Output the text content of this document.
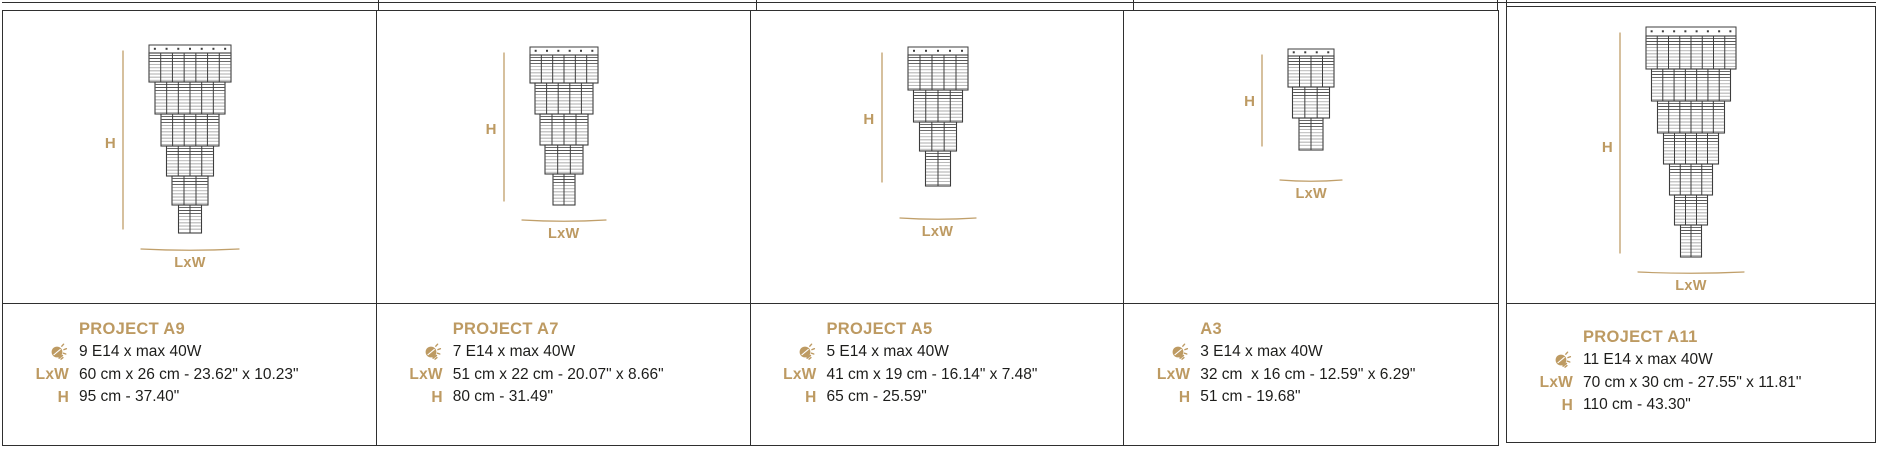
H
LxW
PROJECT A9
9 E14 x max 40W
LxW 60 cm x 26 cm - 23.62" x 10.23"
H 95 cm - 37.40"
H
LxW
PROJECT A7
7 E14 x max 40W
LxW 51 cm x 22 cm - 20.07" x 8.66"
H 80 cm - 31.49"
H
LxW
PROJECT A5
5 E14 x max 40W
LxW 41 cm x 19 cm - 16.14" x 7.48"
H 65 cm - 25.59"
H
LxW
A3
3 E14 x max 40W
LxW 32 cm  x 16 cm - 12.59" x 6.29"
H 51 cm - 19.68"
H
LxW
PROJECT A11
11 E14 x max 40W
LxW 70 cm x 30 cm - 27.55" x 11.81"
H 110 cm - 43.30"
